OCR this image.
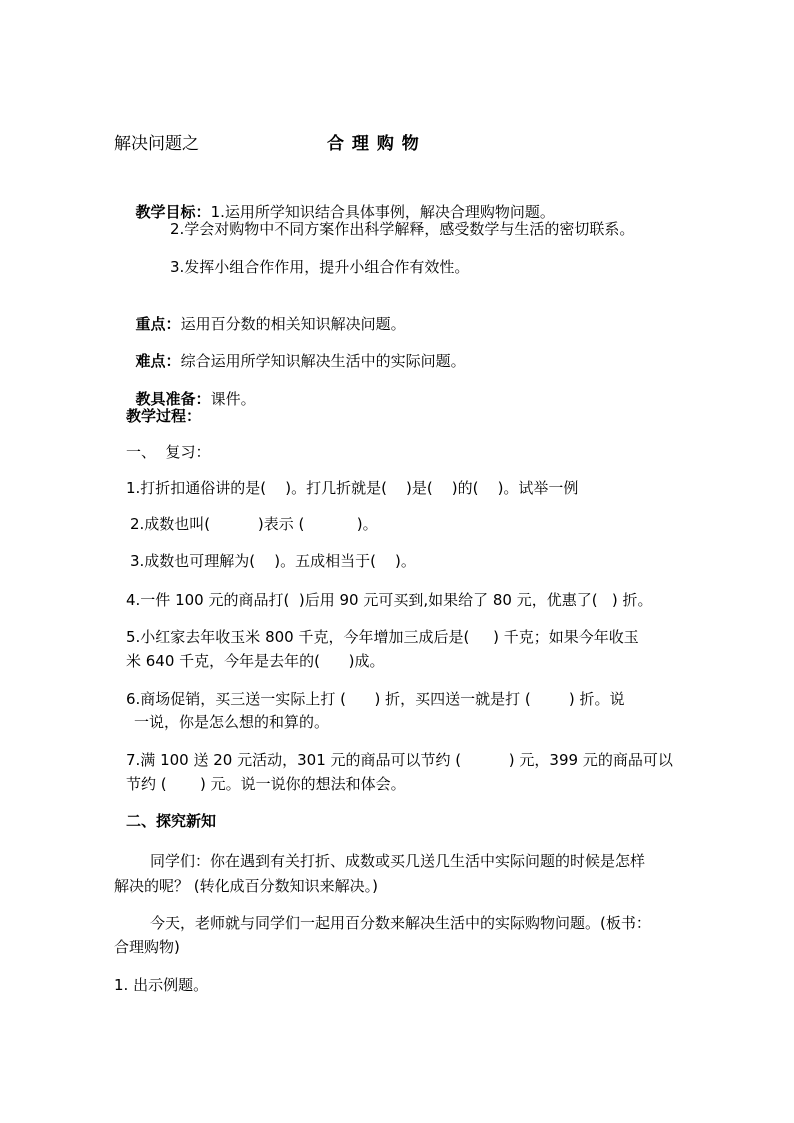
解决问题之	合 理 购 物

教学目标：1.运用所学知识结合具体事例，解决合理购物问题。

2.学会对购物中不同方案作出科学解释，感受数学与生活的密切联系。
3.发挥小组合作作用，提升小组合作有效性。

重点：运用百分数的相关知识解决问题。

难点：综合运用所学知识解决生活中的实际问题。

教具准备：课件。

教学过程：
一、  复习：
1.打折扣通俗讲的是(    )。打几折就是(    )是(    )的(    )。试举一例
2.成数也叫(          )表示 (           )。
3.成数也可理解为(    )。五成相当于(    )。
4.一件 100 元的商品打(  )后用 90 元可买到,如果给了 80 元，优惠了(   ) 折。
5.小红家去年收玉米 800 千克，今年增加三成后是(     ) 千克；如果今年收玉
米 640 千克，今年是去年的(      )成。
6.商场促销，买三送一实际上打 (      ) 折，买四送一就是打 (        ) 折。说
一说，你是怎么想的和算的。
7.满 100 送 20 元活动，301 元的商品可以节约 (          ) 元，399 元的商品可以
节约 (       ) 元。说一说你的想法和体会。
二、探究新知
同学们：你在遇到有关打折、成数或买几送几生活中实际问题的时候是怎样
解决的呢？ (转化成百分数知识来解决。)
今天，老师就与同学们一起用百分数来解决生活中的实际购物问题。(板书：
合理购物)
1. 出示例题。
